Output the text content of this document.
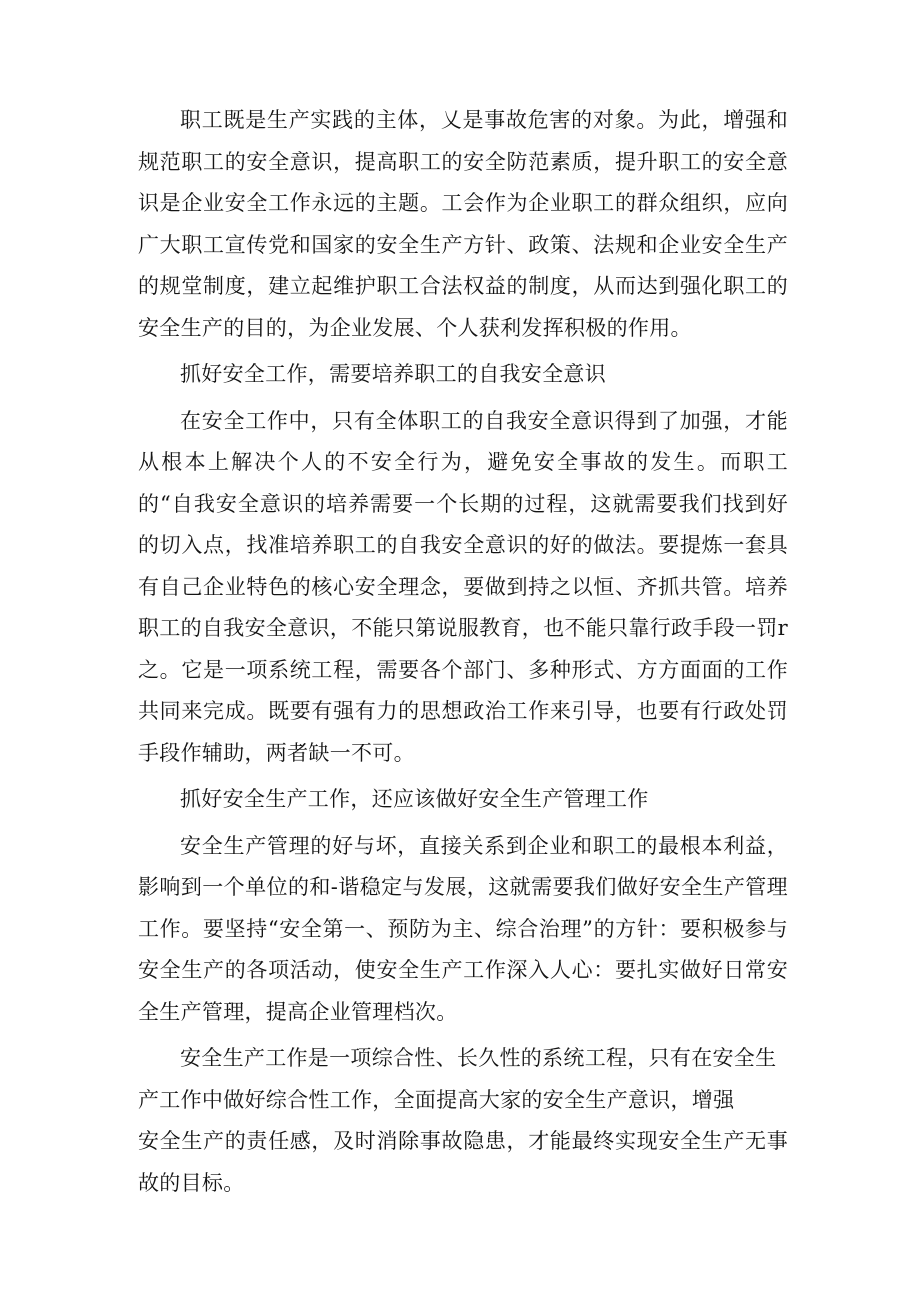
职工既是生产实践的主体，乂是事故危害的对象。为此，增强和规范职工的安全意识，提高职工的安全防范素质，提升职工的安全意识是企业安全工作永远的主题。工会作为企业职工的群众组织，应向广大职工宣传党和国家的安全生产方针、政策、法规和企业安全生产的规堂制度，建立起维护职工合法权益的制度，从而达到强化职工的安全生产的目的，为企业发展、个人获利发挥积极的作用。

抓好安全工作，需要培养职工的自我安全意识

在安全工作中，只有全体职工的自我安全意识得到了加强，才能从根本上解决个人的不安全行为，避免安全事故的发生。而职工的“自我安全意识的培养需要一个长期的过程，这就需要我们找到好的切入点，找准培养职工的自我安全意识的好的做法。要提炼一套具有自己企业特色的核心安全理念，要做到持之以恒、齐抓共管。培养职工的自我安全意识，不能只第说服教育，也不能只靠行政手段一罚r之。它是一项系统工程，需要各个部门、多种形式、方方面面的工作共同来完成。既要有强有力的思想政治工作来引导，也要有行政处罚手段作辅助，两者缺一不可。

抓好安全生产工作，还应该做好安全生产管理工作

安全生产管理的好与坏，直接关系到企业和职工的最根本利益，影响到一个单位的和-谐稳定与发展，这就需要我们做好安全生产管理工作。要坚持“安全第一、预防为主、综合治理”的方针：要积极参与安全生产的各项活动，使安全生产工作深入人心：要扎实做好日常安全生产管理，提高企业管理档次。

安全生产工作是一项综合性、长久性的系统工程，只有在安全生产工作中做好综合性工作，全面提高大家的安全生产意识，增强

安全生产的责任感，及时消除事故隐患，才能最终实现安全生产无事故的目标。
